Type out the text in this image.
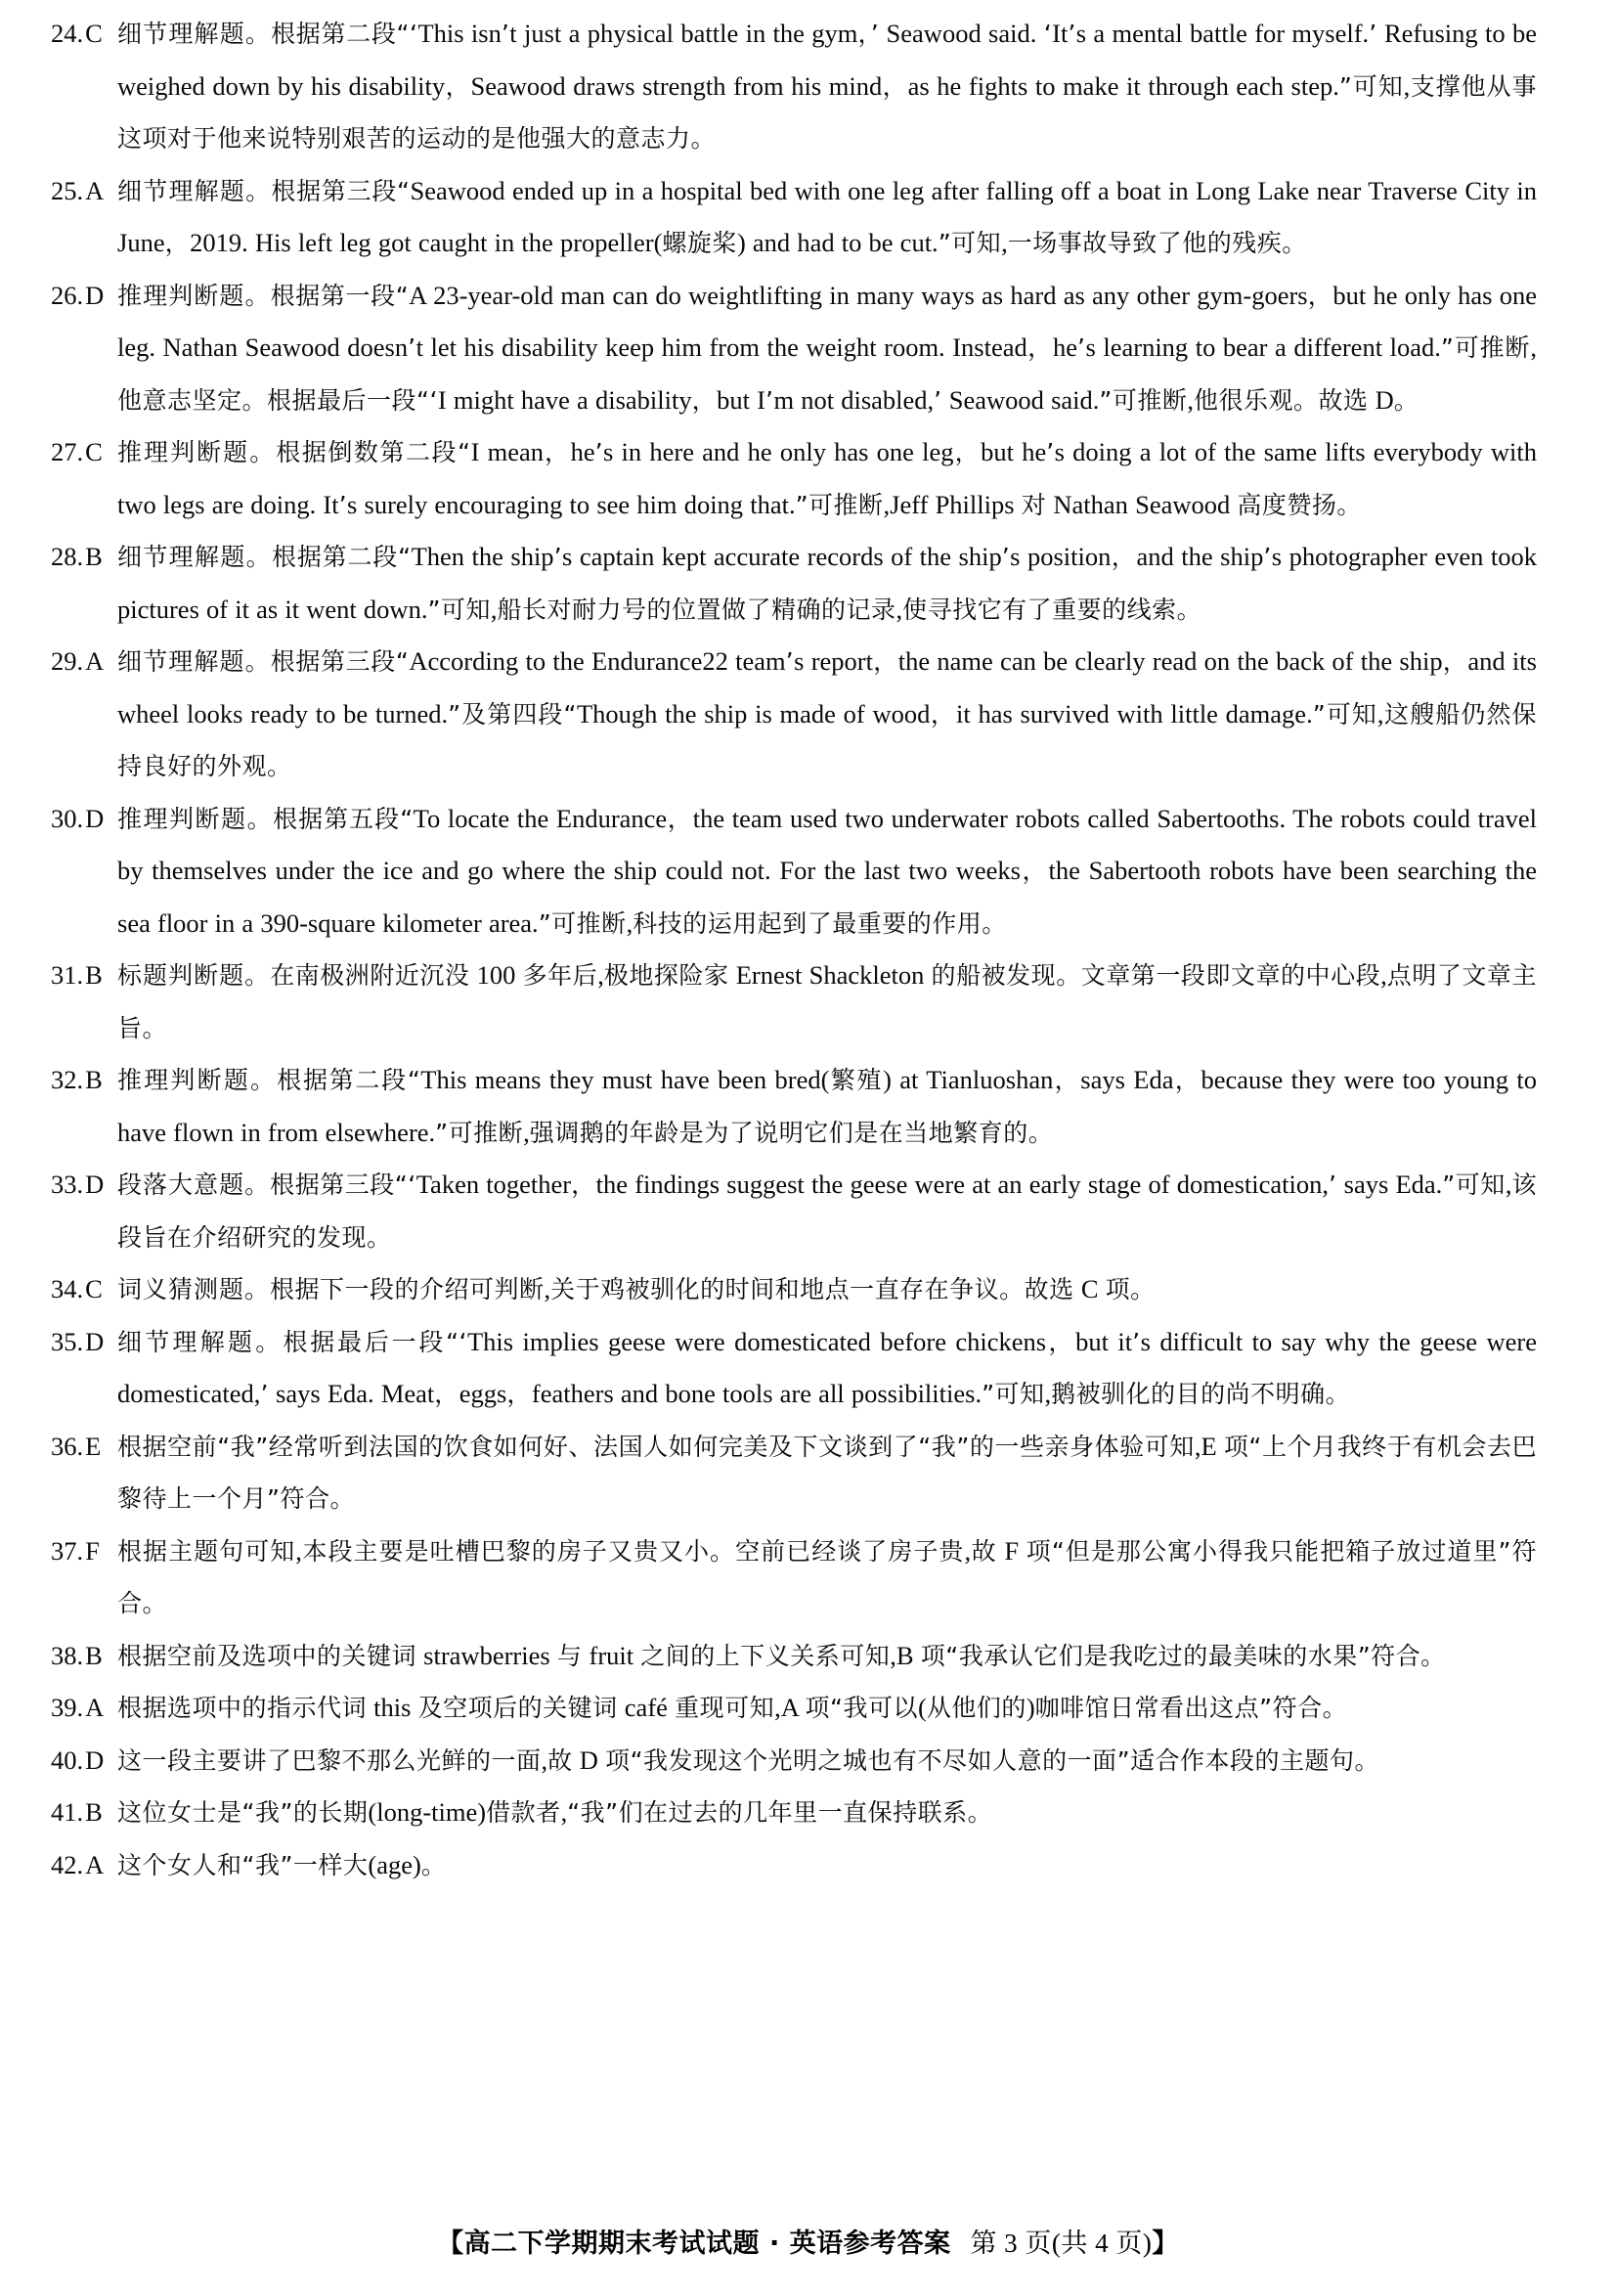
24.C 细节理解题。根据第二段“‘This isn’t just a physical battle in the gym，’ Seawood said. ‘It’s a mental battle for myself.’ Refusing to be weighed down by his disability，Seawood draws strength from his mind，as he fights to make it through each step.”可知,支撑他从事这项对于他来说特别艰苦的运动的是他强大的意志力。

25.A 细节理解题。根据第三段“Seawood ended up in a hospital bed with one leg after falling off a boat in Long Lake near Traverse City in June，2019. His left leg got caught in the propeller(螺旋桨) and had to be cut.”可知,一场事故导致了他的残疾。

26.D 推理判断题。根据第一段“A 23-year-old man can do weightlifting in many ways as hard as any other gym-goers，but he only has one leg. Nathan Seawood doesn’t let his disability keep him from the weight room. Instead，he’s learning to bear a different load.”可推断,他意志坚定。根据最后一段“‘I might have a disability，but I’m not disabled,’ Seawood said.”可推断,他很乐观。故选 D。

27.C 推理判断题。根据倒数第二段“I mean，he’s in here and he only has one leg，but he’s doing a lot of the same lifts everybody with two legs are doing. It’s surely encouraging to see him doing that.”可推断,Jeff Phillips 对 Nathan Seawood 高度赞扬。

28.B 细节理解题。根据第二段“Then the ship’s captain kept accurate records of the ship’s position，and the ship’s photographer even took pictures of it as it went down.”可知,船长对耐力号的位置做了精确的记录,使寻找它有了重要的线索。

29.A 细节理解题。根据第三段“According to the Endurance22 team’s report，the name can be clearly read on the back of the ship，and its wheel looks ready to be turned.”及第四段“Though the ship is made of wood，it has survived with little damage.”可知,这艘船仍然保持良好的外观。

30.D 推理判断题。根据第五段“To locate the Endurance，the team used two underwater robots called Sabertooths. The robots could travel by themselves under the ice and go where the ship could not. For the last two weeks，the Sabertooth robots have been searching the sea floor in a 390-square kilometer area.”可推断,科技的运用起到了最重要的作用。

31.B 标题判断题。在南极洲附近沉没 100 多年后,极地探险家 Ernest Shackleton 的船被发现。文章第一段即文章的中心段,点明了文章主旨。

32.B 推理判断题。根据第二段“This means they must have been bred(繁殖) at Tianluoshan，says Eda，because they were too young to have flown in from elsewhere.”可推断,强调鹅的年龄是为了说明它们是在当地繁育的。

33.D 段落大意题。根据第三段“‘Taken together，the findings suggest the geese were at an early stage of domestication,’ says Eda.”可知,该段旨在介绍研究的发现。

34.C 词义猜测题。根据下一段的介绍可判断,关于鸡被驯化的时间和地点一直存在争议。故选 C 项。

35.D 细节理解题。根据最后一段“‘This implies geese were domesticated before chickens，but it’s difficult to say why the geese were domesticated,’ says Eda. Meat，eggs，feathers and bone tools are all possibilities.”可知,鹅被驯化的目的尚不明确。

36.E 根据空前“我”经常听到法国的饮食如何好、法国人如何完美及下文谈到了“我”的一些亲身体验可知,E 项“上个月我终于有机会去巴黎待上一个月”符合。

37.F 根据主题句可知,本段主要是吐槽巴黎的房子又贵又小。空前已经谈了房子贵,故 F 项“但是那公寓小得我只能把箱子放过道里”符合。

38.B 根据空前及选项中的关键词 strawberries 与 fruit 之间的上下义关系可知,B 项“我承认它们是我吃过的最美味的水果”符合。

39.A 根据选项中的指示代词 this 及空项后的关键词 café 重现可知,A 项“我可以(从他们的)咖啡馆日常看出这点”符合。

40.D 这一段主要讲了巴黎不那么光鲜的一面,故 D 项“我发现这个光明之城也有不尽如人意的一面”适合作本段的主题句。

41.B 这位女士是“我”的长期(long-time)借款者,“我”们在过去的几年里一直保持联系。

42.A 这个女人和“我”一样大(age)。

【高二下学期期末考试试题 · 英语参考答案 第 3 页(共 4 页)】
